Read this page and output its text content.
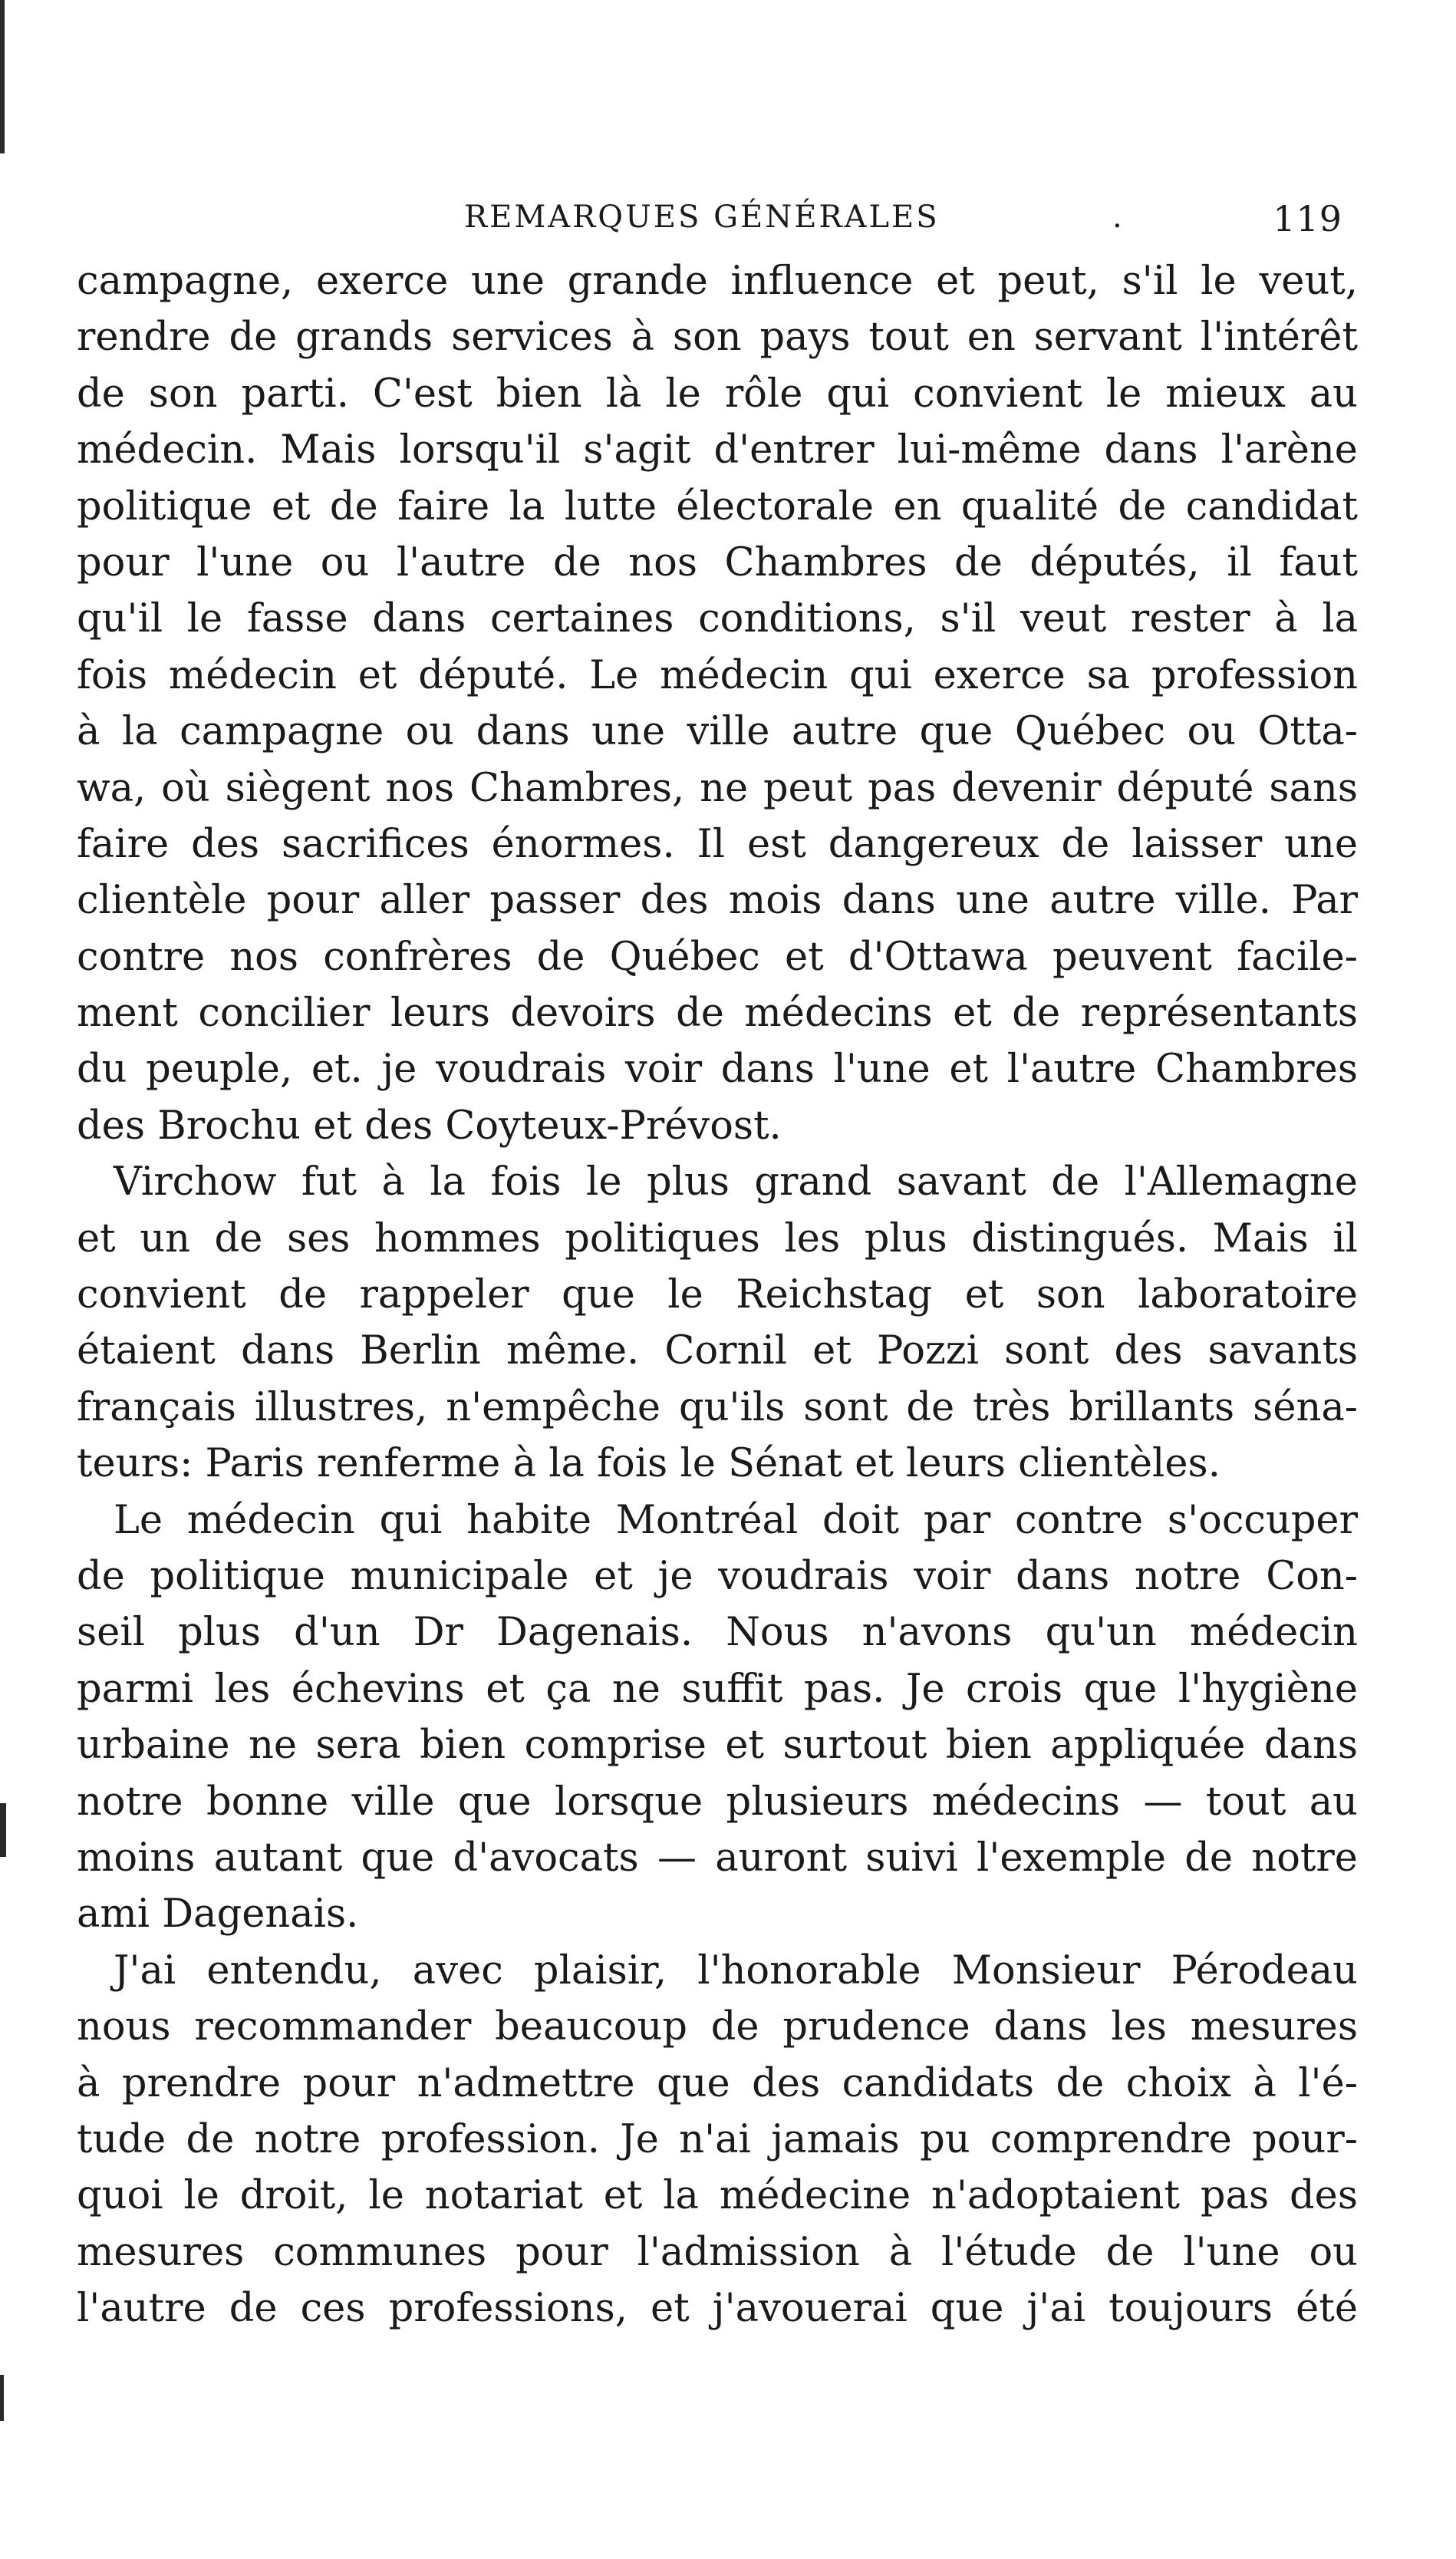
REMARQUES GÉNÉRALES	.	119
campagne, exerce une grande influence et peut, s'il le veut,
rendre de grands services à son pays tout en servant l'intérêt
de son parti. C'est bien là le rôle qui convient le mieux au
médecin. Mais lorsqu'il s'agit d'entrer lui-même dans l'arène
politique et de faire la lutte électorale en qualité de candidat
pour l'une ou l'autre de nos Chambres de députés, il faut
qu'il le fasse dans certaines conditions, s'il veut rester à la
fois médecin et député. Le médecin qui exerce sa profession
à la campagne ou dans une ville autre que Québec ou Otta-
wa, où siègent nos Chambres, ne peut pas devenir député sans
faire des sacrifices énormes. Il est dangereux de laisser une
clientèle pour aller passer des mois dans une autre ville. Par
contre nos confrères de Québec et d'Ottawa peuvent facile-
ment concilier leurs devoirs de médecins et de représentants
du peuple, et. je voudrais voir dans l'une et l'autre Chambres
des Brochu et des Coyteux-Prévost.
Virchow fut à la fois le plus grand savant de l'Allemagne
et un de ses hommes politiques les plus distingués. Mais il
convient de rappeler que le Reichstag et son laboratoire
étaient dans Berlin même. Cornil et Pozzi sont des savants
français illustres, n'empêche qu'ils sont de très brillants séna-
teurs: Paris renferme à la fois le Sénat et leurs clientèles.
Le médecin qui habite Montréal doit par contre s'occuper
de politique municipale et je voudrais voir dans notre Con-
seil plus d'un Dr Dagenais. Nous n'avons qu'un médecin
parmi les échevins et ça ne suffit pas. Je crois que l'hygiène
urbaine ne sera bien comprise et surtout bien appliquée dans
notre bonne ville que lorsque plusieurs médecins — tout au
moins autant que d'avocats — auront suivi l'exemple de notre
ami Dagenais.
J'ai entendu, avec plaisir, l'honorable Monsieur Pérodeau
nous recommander beaucoup de prudence dans les mesures
à prendre pour n'admettre que des candidats de choix à l'é-
tude de notre profession. Je n'ai jamais pu comprendre pour-
quoi le droit, le notariat et la médecine n'adoptaient pas des
mesures communes pour l'admission à l'étude de l'une ou
l'autre de ces professions, et j'avouerai que j'ai toujours été
